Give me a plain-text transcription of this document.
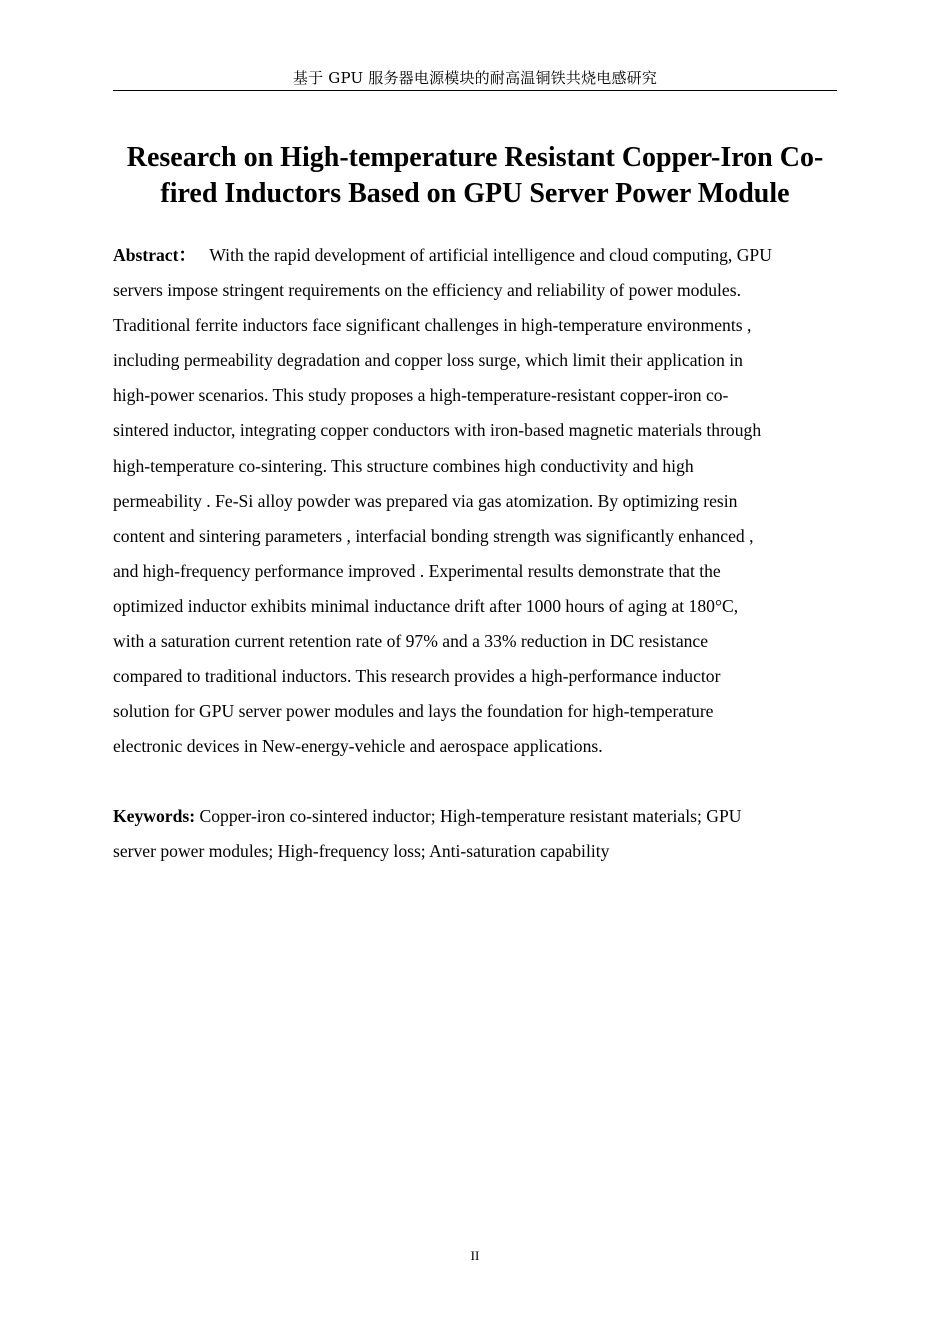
基于 GPU 服务器电源模块的耐高温铜铁共烧电感研究
Research on High-temperature Resistant Copper-Iron Co-
fired Inductors Based on GPU Server Power Module
Abstract： With the rapid development of artificial intelligence and cloud computing, GPU
servers impose stringent requirements on the efficiency and reliability of power modules.
Traditional ferrite inductors face significant challenges in high-temperature environments ,
including permeability degradation and copper loss surge, which limit their application in
high-power scenarios. This study proposes a high-temperature-resistant copper-iron co-
sintered inductor, integrating copper conductors with iron-based magnetic materials through
high-temperature co-sintering. This structure combines high conductivity and high
permeability . Fe-Si alloy powder was prepared via gas atomization. By optimizing resin
content and sintering parameters , interfacial bonding strength was significantly enhanced ,
and high-frequency performance improved . Experimental results demonstrate that the
optimized inductor exhibits minimal inductance drift after 1000 hours of aging at 180°C,
with a saturation current retention rate of 97% and a 33% reduction in DC resistance
compared to traditional inductors. This research provides a high-performance inductor
solution for GPU server power modules and lays the foundation for high-temperature
electronic devices in New-energy-vehicle and aerospace applications.
Keywords: Copper-iron co-sintered inductor; High-temperature resistant materials; GPU
server power modules; High-frequency loss; Anti-saturation capability
II
